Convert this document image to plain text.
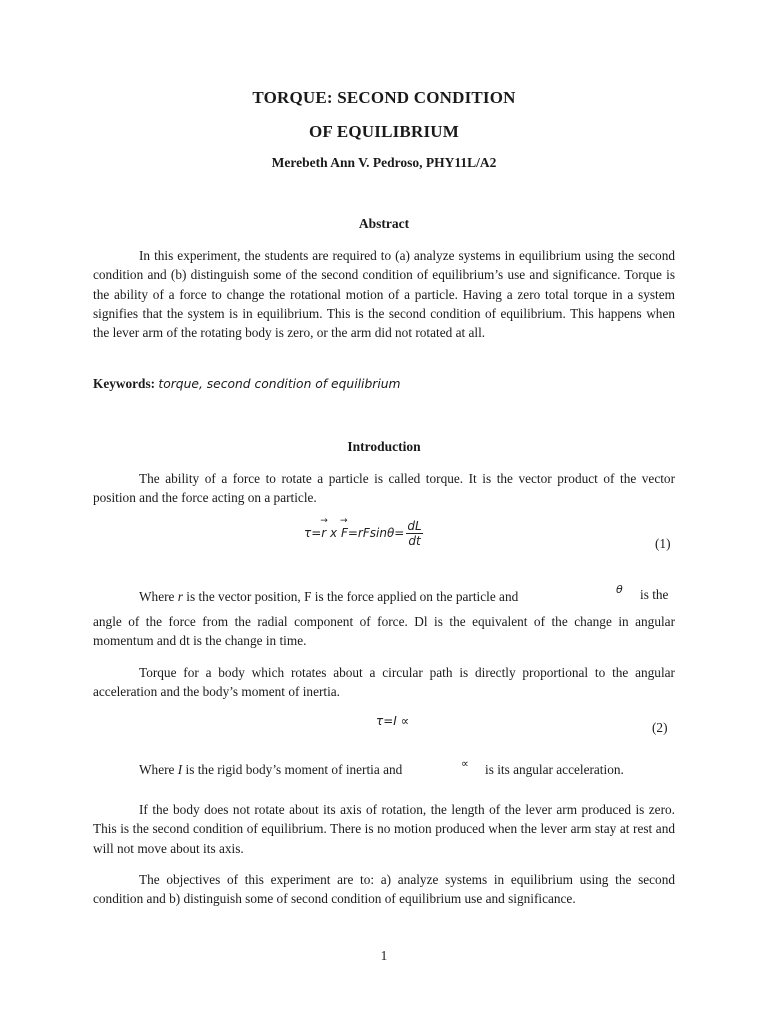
TORQUE: SECOND CONDITION
OF EQUILIBRIUM
Merebeth Ann V. Pedroso, PHY11L/A2
Abstract

In this experiment, the students are required to (a) analyze systems in equilibrium using the second condition and (b) distinguish some of the second condition of equilibrium’s use and significance. Torque is the ability of a force to change the rotational motion of a particle. Having a zero total torque in a system signifies that the system is in equilibrium. This is the second condition of equilibrium. This happens when the lever arm of the rotating body is zero, or the arm did not rotated at all.

Keywords: torque, second condition of equilibrium
Introduction

The ability of a force to rotate a particle is called torque. It is the vector product of the vector position and the force acting on a particle.

τ=→ r $x \to F=rFsin\theta= \frac{dL}{dt}$	(1)

Where r is the vector position, F is the force applied on the particle and	θ is the

angle of the force from the radial component of force. Dl is the equivalent of the change in angular momentum and dt is the change in time.

Torque for a body which rotates about a circular path is directly proportional to the angular acceleration and the body’s moment of inertia.

τ=I ∝	(2)
Where I is the rigid body’s moment of inertia and	∝ is its angular acceleration.

If the body does not rotate about its axis of rotation, the length of the lever arm produced is zero. This is the second condition of equilibrium. There is no motion produced when the lever arm stay at rest and will not move about its axis.

The objectives of this experiment are to: a) analyze systems in equilibrium using the second condition and b) distinguish some of second condition of equilibrium use and significance.

1
